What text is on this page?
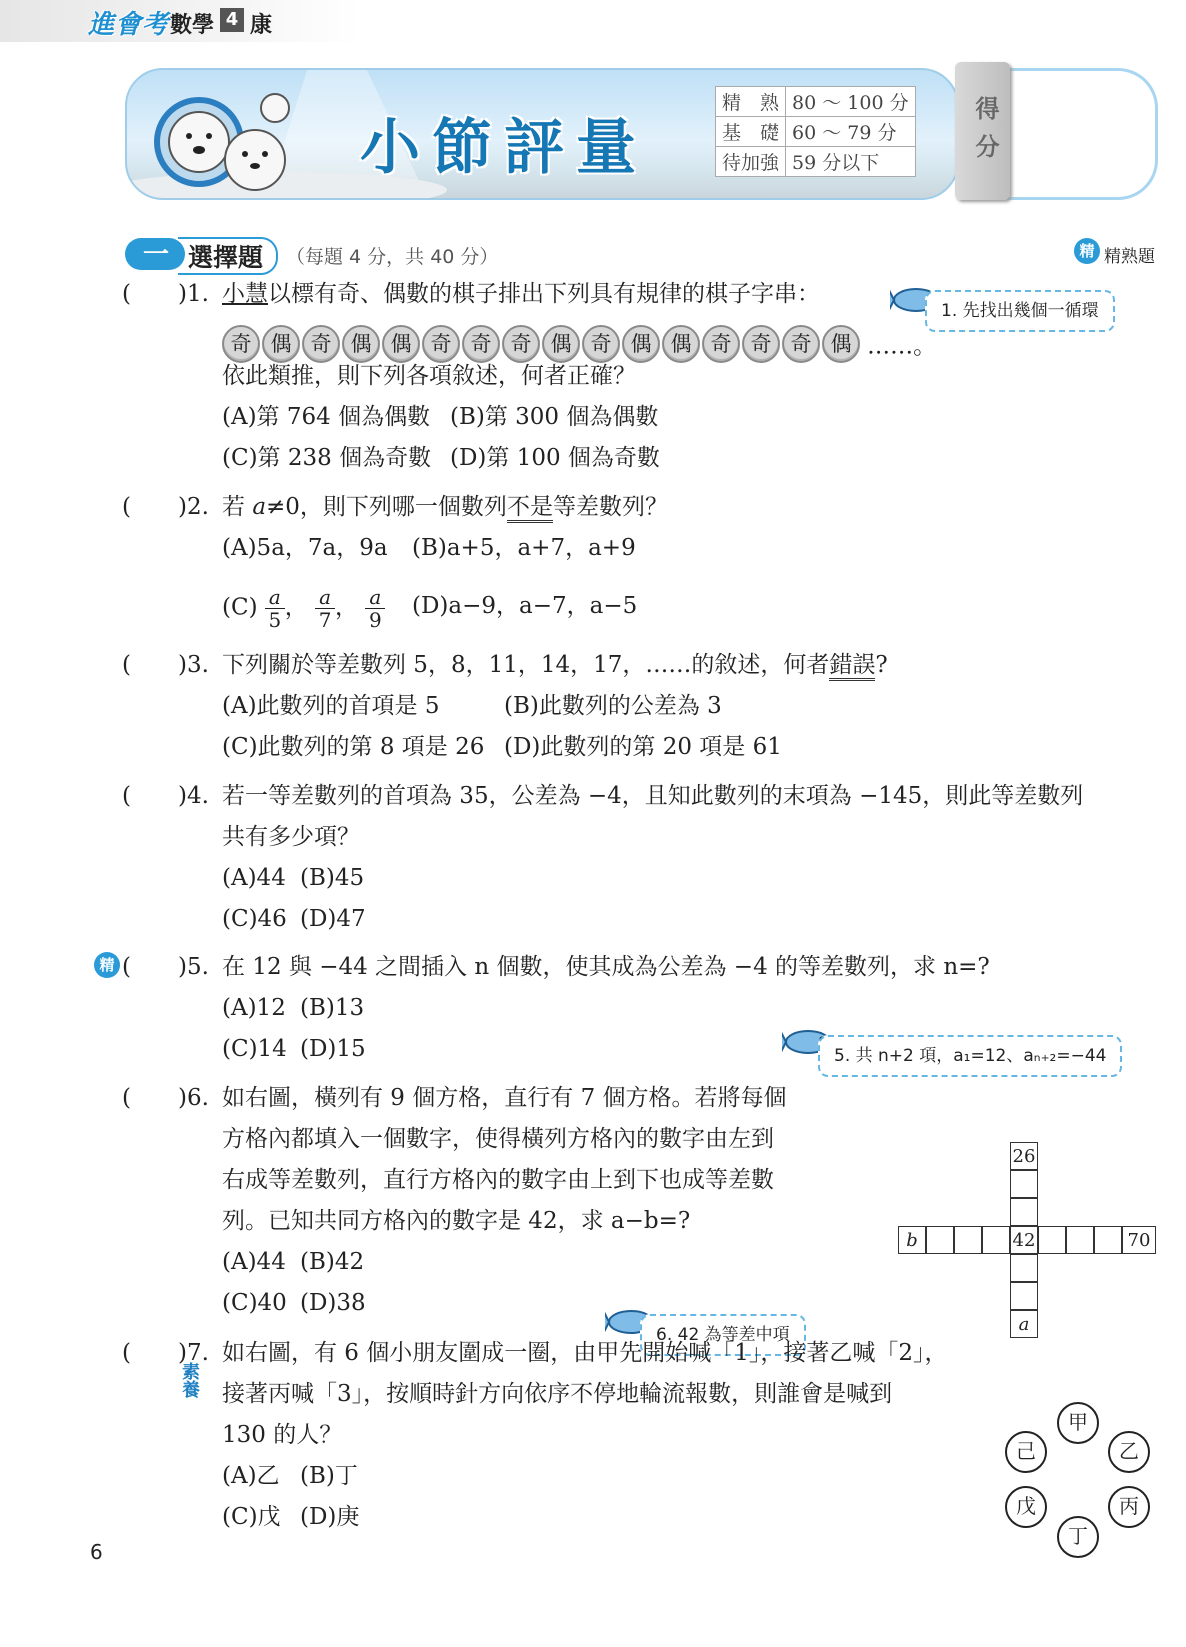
進會考 數學 4 康
小節評量
精　熟	80 ～ 100 分
基　礎	60 ～ 79 分
待加強	59 分以下	得分
一 選擇題 （每題 4 分，共 40 分）	精 精熟題
( )1. 小慧以標有奇、偶數的棋子排出下列具有規律的棋子字串：
奇 偶 奇 偶 偶 奇 奇 奇 偶 奇 偶 偶 奇 奇 奇 偶 ……。
依此類推，則下列各項敘述，何者正確？
(A)第 764 個為偶數 (B)第 300 個為偶數
(C)第 238 個為奇數 (D)第 100 個為奇數
1. 先找出幾個一循環
( )2. 若 a≠0，則下列哪一個數列不是等差數列？
(A)5a，7a，9a (B)a+5，a+7，a+9
$(C) \frac{a}{5}$， $\frac{a}{7}$， $\frac{a}{9} (D)a-9$，a−7，a−5
( )3. 下列關於等差數列 5，8，11，14，17，……的敘述，何者錯誤?
(A)此數列的首項是 5	(B)此數列的公差為 3
(C)此數列的第 8 項是 26 (D)此數列的第 20 項是 61
( )4. 若一等差數列的首項為 35，公差為 −4，且知此數列的末項為 −145，則此等差數列
共有多少項？
(A)44 (B)45
(C)46 (D)47
精 ( )5. 在 12 與 −44 之間插入 n 個數，使其成為公差為 −4 的等差數列，求 n=?
(A)12 (B)13
(C)14 (D)15	5. 共 n+2 項，a₁=12、aₙ₊₂=−44
( )6. 如右圖，橫列有 9 個方格，直行有 7 個方格。若將每個
方格內都填入一個數字，使得橫列方格內的數字由左到
右成等差數列，直行方格內的數字由上到下也成等差數
列。已知共同方格內的數字是 42，求 a−b=?
(A)44 (B)42
(C)40 (D)38
6. 42 為等差中項
26
a
b	42	70
( )7.
素養
如右圖，有 6 個小朋友圍成一圈，由甲先開始喊「1」，接著乙喊「2」，
接著丙喊「3」，按順時針方向依序不停地輪流報數，則誰會是喊到
130 的人？
(A)乙 (B)丁
(C)戊 (D)庚
甲
乙
丙
丁
戊
己
6
